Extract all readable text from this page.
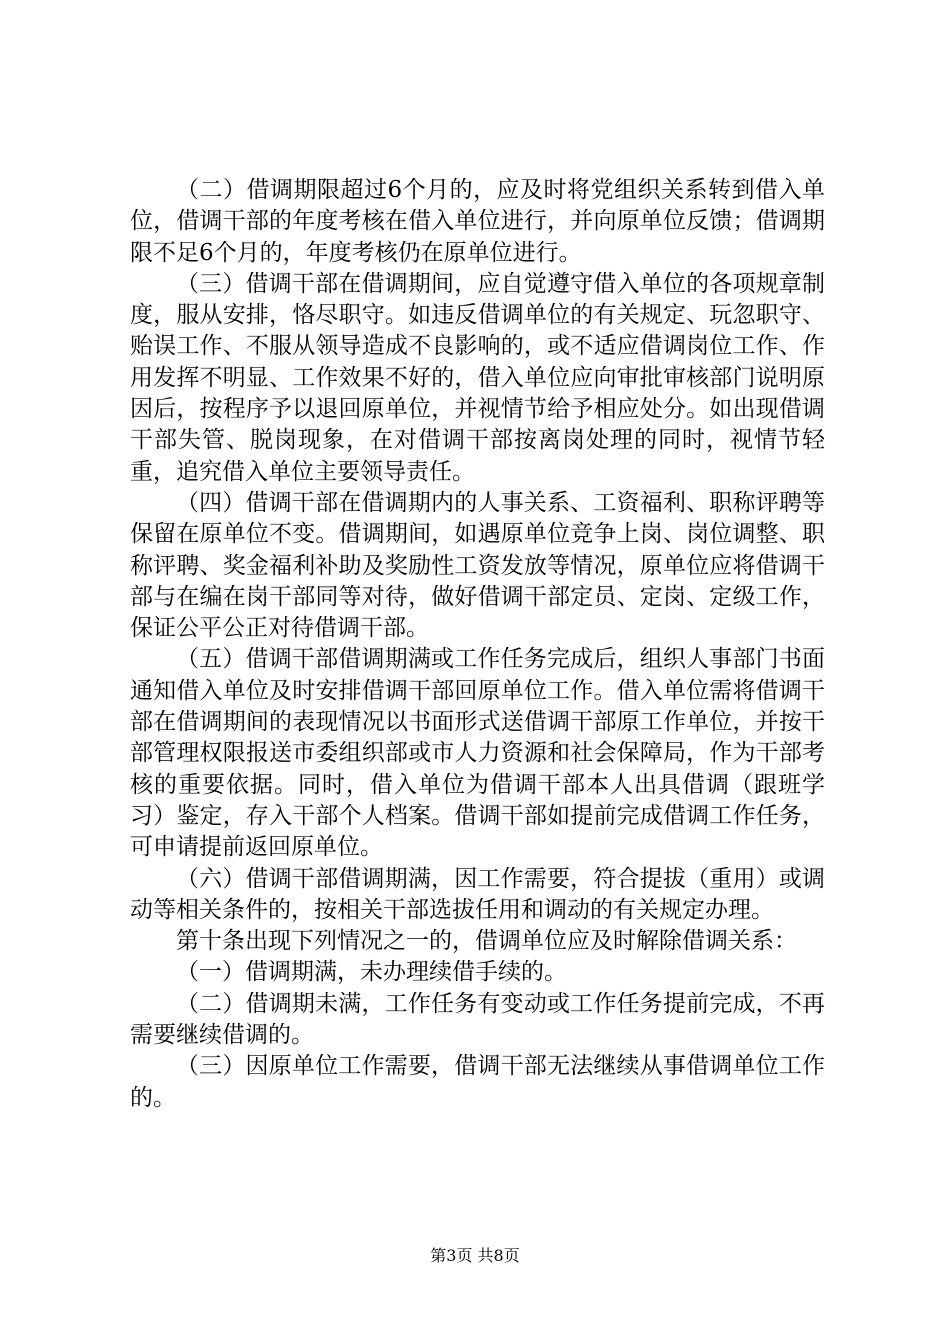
（二）借调期限超过6个月的，应及时将党组织关系转到借入单位，借调干部的年度考核在借入单位进行，并向原单位反馈；借调期限不足6个月的，年度考核仍在原单位进行。

（三）借调干部在借调期间，应自觉遵守借入单位的各项规章制度，服从安排，恪尽职守。如违反借调单位的有关规定、玩忽职守、贻误工作、不服从领导造成不良影响的，或不适应借调岗位工作、作用发挥不明显、工作效果不好的，借入单位应向审批审核部门说明原因后，按程序予以退回原单位，并视情节给予相应处分。如出现借调干部失管、脱岗现象，在对借调干部按离岗处理的同时，视情节轻重，追究借入单位主要领导责任。

（四）借调干部在借调期内的人事关系、工资福利、职称评聘等保留在原单位不变。借调期间，如遇原单位竞争上岗、岗位调整、职称评聘、奖金福利补助及奖励性工资发放等情况，原单位应将借调干部与在编在岗干部同等对待，做好借调干部定员、定岗、定级工作，保证公平公正对待借调干部。

（五）借调干部借调期满或工作任务完成后，组织人事部门书面通知借入单位及时安排借调干部回原单位工作。借入单位需将借调干部在借调期间的表现情况以书面形式送借调干部原工作单位，并按干部管理权限报送市委组织部或市人力资源和社会保障局，作为干部考核的重要依据。同时，借入单位为借调干部本人出具借调（跟班学习）鉴定，存入干部个人档案。借调干部如提前完成借调工作任务，可申请提前返回原单位。

（六）借调干部借调期满，因工作需要，符合提拔（重用）或调动等相关条件的，按相关干部选拔任用和调动的有关规定办理。

第十条出现下列情况之一的，借调单位应及时解除借调关系：

（一）借调期满，未办理续借手续的。

（二）借调期未满，工作任务有变动或工作任务提前完成，不再需要继续借调的。

（三）因原单位工作需要，借调干部无法继续从事借调单位工作的。

第3页 共8页
